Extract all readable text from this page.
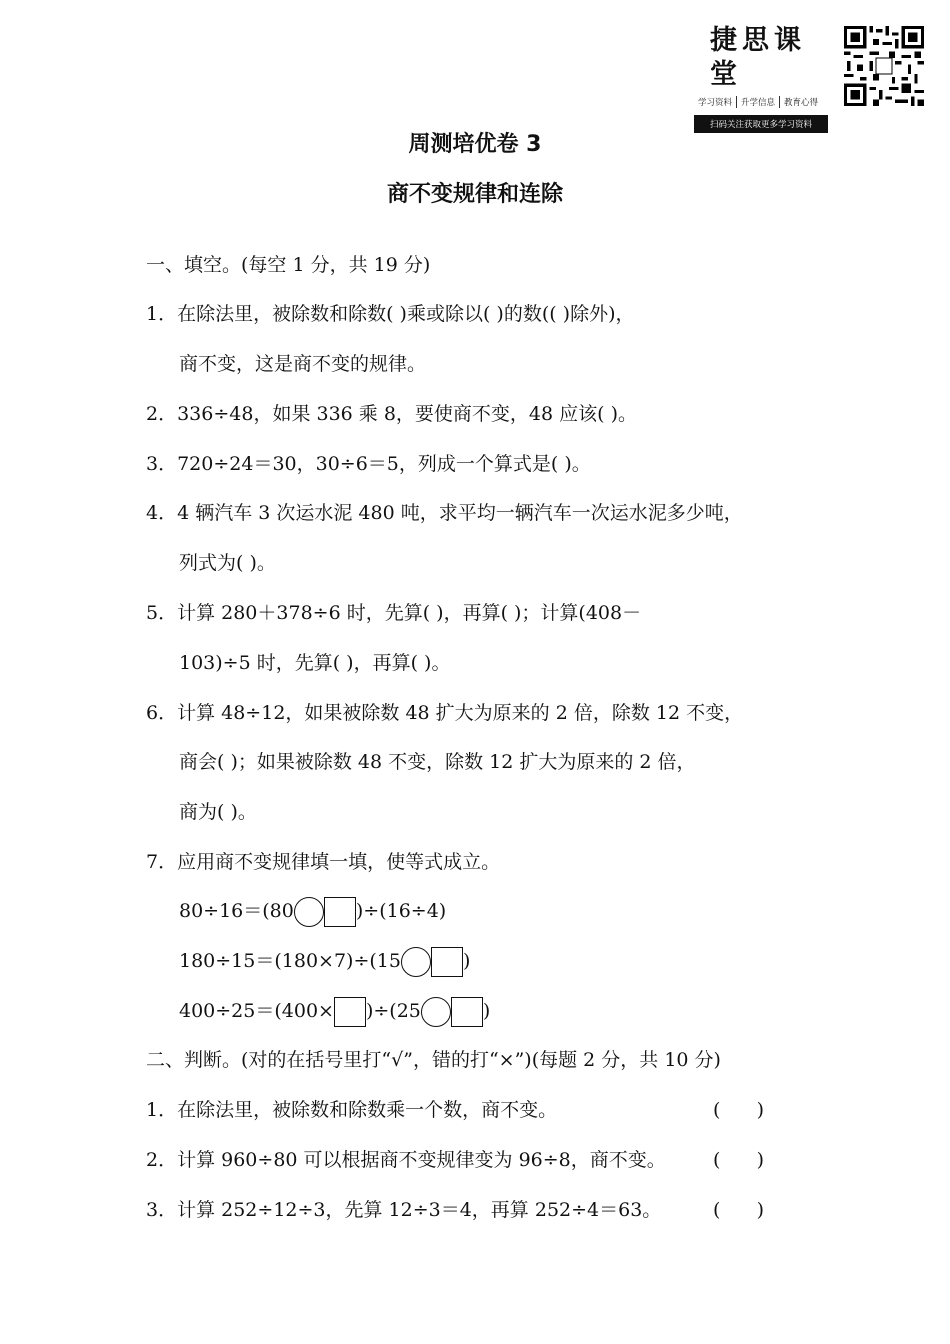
捷思课堂
学习资料	升学信息	教育心得
扫码关注获取更多学习资料
周测培优卷 3
商不变规律和连除
一、填空。(每空 1 分，共 19 分)
1．在除法里，被除数和除数( )乘或除以( )的数(( )除外)，
商不变，这是商不变的规律。
2．336÷48，如果 336 乘 8，要使商不变，48 应该( )。
3．720÷24＝30，30÷6＝5，列成一个算式是( )。
4．4 辆汽车 3 次运水泥 480 吨，求平均一辆汽车一次运水泥多少吨，
列式为( )。
5．计算 280＋378÷6 时，先算( )，再算( )；计算(408－
103)÷5 时，先算( )，再算( )。
6．计算 48÷12，如果被除数 48 扩大为原来的 2 倍，除数 12 不变，
商会( )；如果被除数 48 不变，除数 12 扩大为原来的 2 倍，
商为( )。
7．应用商不变规律填一填，使等式成立。
80÷16＝(80	)÷(16÷4)
180÷15＝(180×7)÷(15	)
400÷25＝(400× )÷(25	)
二、判断。(对的在括号里打“√”，错的打“×”)(每题 2 分，共 10 分)
1．在除法里，被除数和除数乘一个数，商不变。	(      )
2．计算 960÷80 可以根据商不变规律变为 96÷8，商不变。 (      )
3．计算 252÷12÷3，先算 12÷3＝4，再算 252÷4＝63。	(      )
